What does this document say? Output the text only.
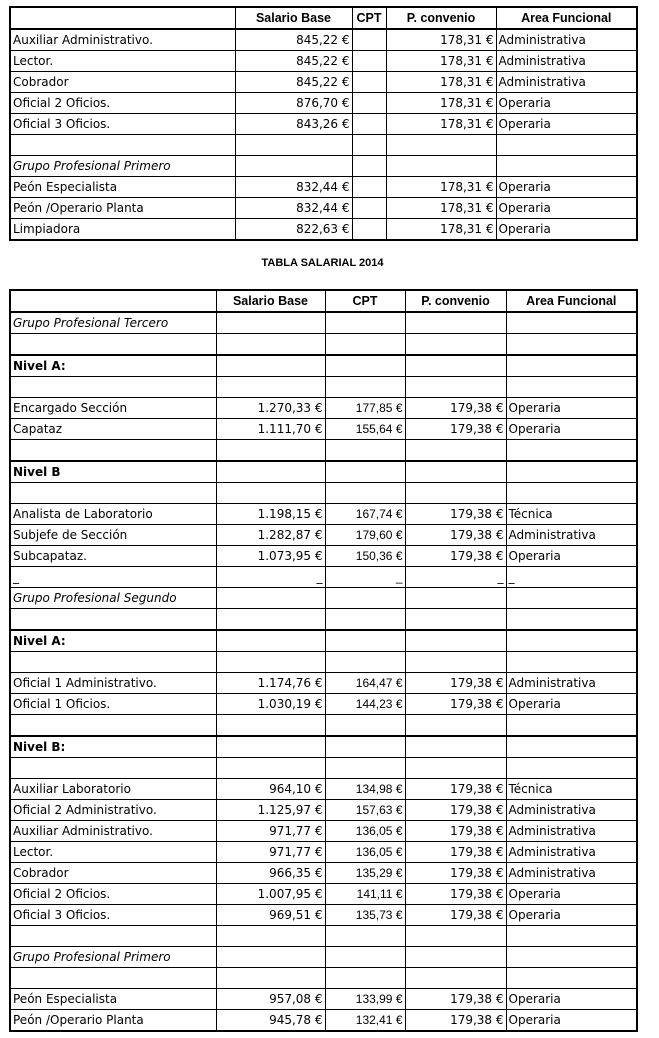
	Salario Base	CPT	P. convenio	Area Funcional
Auxiliar Administrativo.	845,22 €		178,31 €	Administrativa
Lector.	845,22 €		178,31 €	Administrativa
Cobrador	845,22 €		178,31 €	Administrativa
Oficial 2 Oficios.	876,70 €		178,31 €	Operaria
Oficial 3 Oficios.	843,26 €		178,31 €	Operaria

Grupo Profesional Primero				
Peón Especialista	832,44 €		178,31 €	Operaria
Peón /Operario Planta	832,44 €		178,31 €	Operaria
Limpiadora	822,63 €		178,31 €	Operaria
TABLA SALARIAL 2014
	Salario Base	CPT	P. convenio	Area Funcional
Grupo Profesional Tercero				

Nivel A:				

Encargado Sección	1.270,33 €	177,85 €	179,38 €	Operaria
Capataz	1.111,70 €	155,64 €	179,38 €	Operaria

Nivel B				

Analista de Laboratorio	1.198,15 €	167,74 €	179,38 €	Técnica
Subjefe de Sección	1.282,87 €	179,60 €	179,38 €	Administrativa
Subcapataz.	1.073,95 €	150,36 €	179,38 €	Operaria
_	_	_	_	_
Grupo Profesional Segundo				

Nivel A:				

Oficial 1 Administrativo.	1.174,76 €	164,47 €	179,38 €	Administrativa
Oficial 1 Oficios.	1.030,19 €	144,23 €	179,38 €	Operaria

Nivel B:				

Auxiliar Laboratorio	964,10 €	134,98 €	179,38 €	Técnica
Oficial 2 Administrativo.	1.125,97 €	157,63 €	179,38 €	Administrativa
Auxiliar Administrativo.	971,77 €	136,05 €	179,38 €	Administrativa
Lector.	971,77 €	136,05 €	179,38 €	Administrativa
Cobrador	966,35 €	135,29 €	179,38 €	Administrativa
Oficial 2 Oficios.	1.007,95 €	141,11 €	179,38 €	Operaria
Oficial 3 Oficios.	969,51 €	135,73 €	179,38 €	Operaria

Grupo Profesional Primero				

Peón Especialista	957,08 €	133,99 €	179,38 €	Operaria
Peón /Operario Planta	945,78 €	132,41 €	179,38 €	Operaria
